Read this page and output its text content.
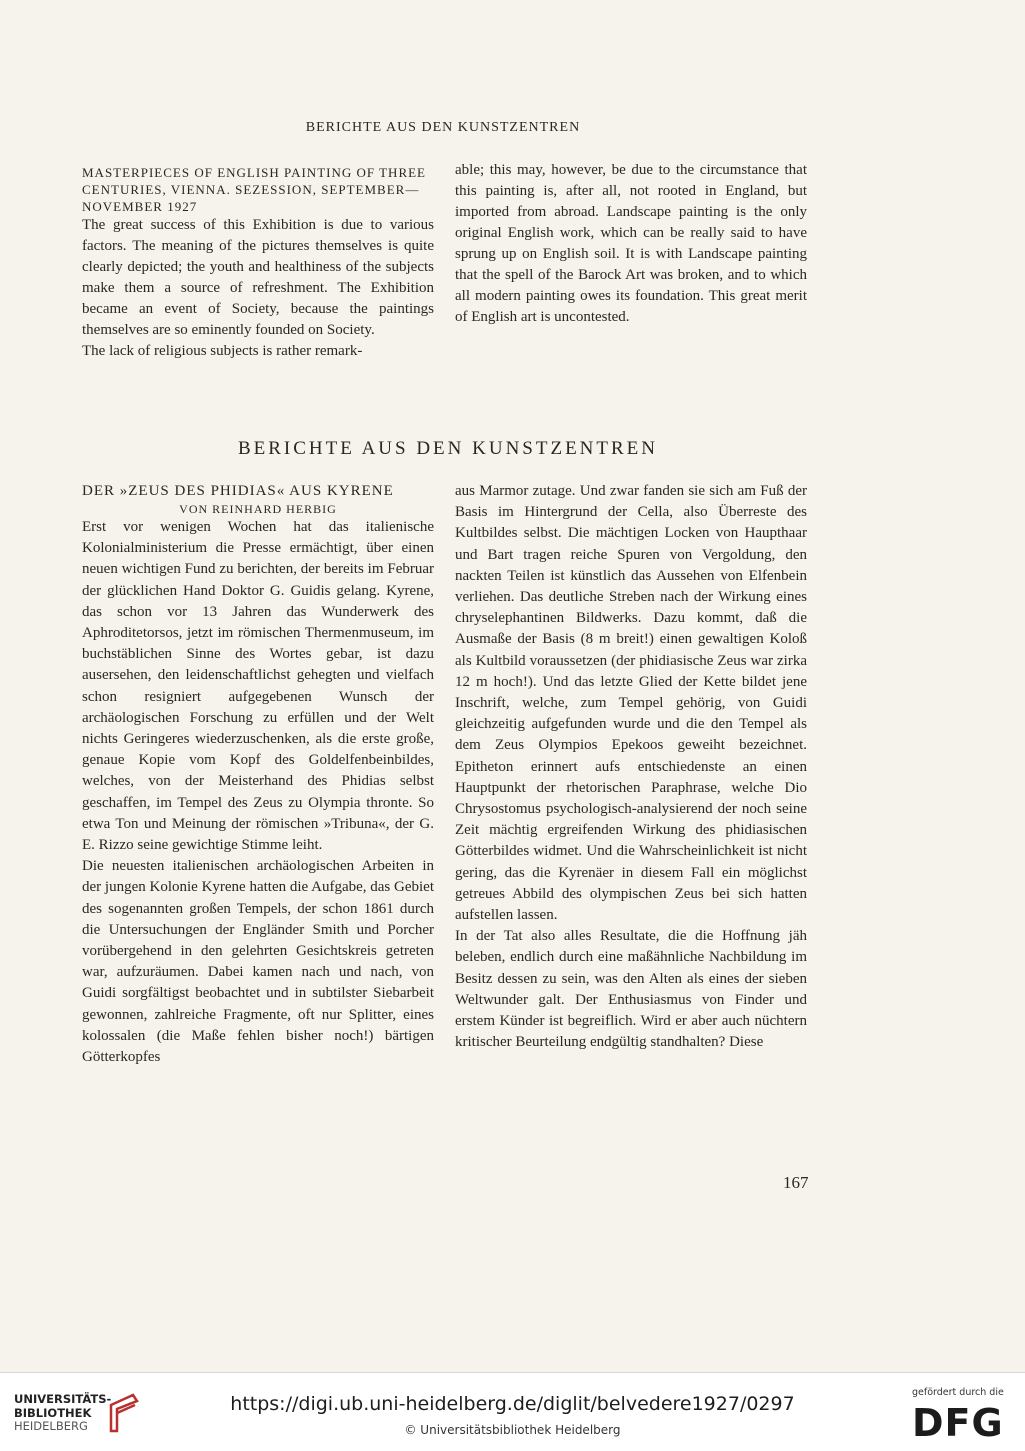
BERICHTE AUS DEN KUNSTZENTREN

MASTERPIECES OF ENGLISH PAINTING OF THREE CENTURIES, VIENNA. SEZESSION, SEPTEMBER—NOVEMBER 1927

The great success of this Exhibition is due to various factors. The meaning of the pictures themselves is quite clearly depicted; the youth and healthiness of the subjects make them a source of refreshment. The Exhibition became an event of Society, because the paintings themselves are so eminently founded on Society.

The lack of religious subjects is rather remark-

able; this may, however, be due to the circumstance that this painting is, after all, not rooted in England, but imported from abroad. Landscape painting is the only original English work, which can be really said to have sprung up on English soil. It is with Landscape painting that the spell of the Barock Art was broken, and to which all modern painting owes its foundation. This great merit of English art is uncontested.

BERICHTE AUS DEN KUNSTZENTREN

DER »ZEUS DES PHIDIAS« AUS KYRENE

VON REINHARD HERBIG

Erst vor wenigen Wochen hat das italienische Kolonialministerium die Presse ermächtigt, über einen neuen wichtigen Fund zu berichten, der bereits im Februar der glücklichen Hand Doktor G. Guidis gelang. Kyrene, das schon vor 13 Jahren das Wunderwerk des Aphroditetorsos, jetzt im römischen Thermenmuseum, im buchstäblichen Sinne des Wortes gebar, ist dazu ausersehen, den leidenschaftlichst gehegten und vielfach schon resigniert aufgegebenen Wunsch der archäologischen Forschung zu erfüllen und der Welt nichts Geringeres wiederzuschenken, als die erste große, genaue Kopie vom Kopf des Goldelfenbeinbildes, welches, von der Meisterhand des Phidias selbst geschaffen, im Tempel des Zeus zu Olympia throntе. So etwa Ton und Meinung der römischen »Tribuna«, der G. E. Rizzo seine gewichtige Stimme leiht.

Die neuesten italienischen archäologischen Arbeiten in der jungen Kolonie Kyrene hatten die Aufgabe, das Gebiet des sogenannten großen Tempels, der schon 1861 durch die Untersuchungen der Engländer Smith und Porcher vorübergehend in den gelehrten Gesichtskreis getreten war, aufzuräumen. Dabei kamen nach und nach, von Guidi sorgfältigst beobachtet und in subtilster Siebarbeit gewonnen, zahlreiche Fragmente, oft nur Splitter, eines kolossalen (die Maße fehlen bisher noch!) bärtigen Götterkopfes

aus Marmor zutage. Und zwar fanden sie sich am Fuß der Basis im Hintergrund der Cella, also Überreste des Kultbildes selbst. Die mächtigen Locken von Haupthaar und Bart tragen reiche Spuren von Vergoldung, den nackten Teilen ist künstlich das Aussehen von Elfenbein verliehen. Das deutliche Streben nach der Wirkung eines chryselephantinen Bildwerks. Dazu kommt, daß die Ausmaße der Basis (8 m breit!) einen gewaltigen Koloß als Kultbild voraussetzen (der phidiasische Zeus war zirka 12 m hoch!). Und das letzte Glied der Kette bildet jene Inschrift, welche, zum Tempel gehörig, von Guidi gleichzeitig aufgefunden wurde und die den Tempel als dem Zeus Olympios Epekoos geweiht bezeichnet. Epitheton erinnert aufs entschiedenste an einen Hauptpunkt der rhetorischen Paraphrase, welche Dio Chrysostomus psychologisch-analysierend der noch seine Zeit mächtig ergreifenden Wirkung des phidiasischen Götterbildes widmet. Und die Wahrscheinlichkeit ist nicht gering, das die Kyrenäer in diesem Fall ein möglichst getreues Abbild des olympischen Zeus bei sich hatten aufstellen lassen.

In der Tat also alles Resultate, die die Hoffnung jäh beleben, endlich durch eine maßähnliche Nachbildung im Besitz dessen zu sein, was den Alten als eines der sieben Weltwunder galt. Der Enthusiasmus von Finder und erstem Künder ist begreiflich. Wird er aber auch nüchtern kritischer Beurteilung endgültig standhalten? Diese

167
UNIVERSITÄTS-
BIBLIOTHEK
HEIDELBERG
https://digi.ub.uni-heidelberg.de/diglit/belvedere1927/0297
© Universitätsbibliothek Heidelberg
gefördert durch die
DFG
